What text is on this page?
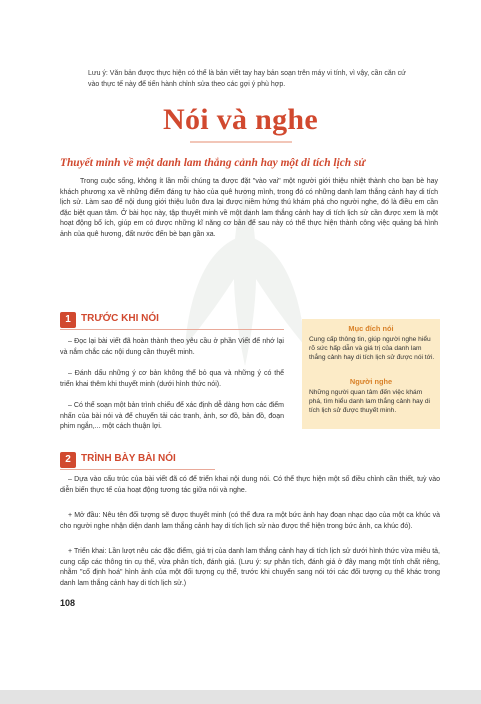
Lưu ý: Văn bản được thực hiện có thể là bản viết tay hay bản soạn trên máy vi tính, vì vậy, cần căn cứ vào thực tế này để tiến hành chỉnh sửa theo các gợi ý phù hợp.

Nói và nghe
Thuyết minh về một danh lam thắng cảnh hay một di tích lịch sử

Trong cuộc sống, không ít lần mỗi chúng ta được đặt "vào vai" một người giới thiệu nhiệt thành cho bạn bè hay khách phương xa về những điểm đáng tự hào của quê hương mình, trong đó có những danh lam thắng cảnh hay di tích lịch sử. Làm sao để nội dung giới thiệu luôn đưa lại được niềm hứng thú khám phá cho người nghe, đó là điều em cần đặc biệt quan tâm. Ở bài học này, tập thuyết minh về một danh lam thắng cảnh hay di tích lịch sử cần được xem là một hoạt động bổ ích, giúp em có được những kĩ năng cơ bản để sau này có thể thực hiện thành công việc quảng bá hình ảnh của quê hương, đất nước đến bè bạn gần xa.

1	TRƯỚC KHI NÓI

– Đọc lại bài viết đã hoàn thành theo yêu cầu ở phần Viết để nhớ lại và nắm chắc các nội dung cần thuyết minh.

– Đánh dấu những ý cơ bản không thể bỏ qua và những ý có thể triển khai thêm khi thuyết minh (dưới hình thức nói).

– Có thể soạn một bản trình chiếu để xác định dễ dàng hơn các điểm nhấn của bài nói và để chuyển tải các tranh, ảnh, sơ đồ, bản đồ, đoạn phim ngắn,... một cách thuận lợi.

Mục đích nói

Cung cấp thông tin, giúp người nghe hiểu rõ sức hấp dẫn và giá trị của danh lam thắng cảnh hay di tích lịch sử được nói tới.

Người nghe

Những người quan tâm đến việc khám phá, tìm hiểu danh lam thắng cảnh hay di tích lịch sử được thuyết minh.

2	TRÌNH BÀY BÀI NÓI

– Dựa vào cấu trúc của bài viết đã có để triển khai nội dung nói. Có thể thực hiện một số điều chỉnh cần thiết, tuỳ vào diễn biến thực tế của hoạt động tương tác giữa nói và nghe.

+ Mở đầu: Nêu tên đối tượng sẽ được thuyết minh (có thể đưa ra một bức ảnh hay đoạn nhạc dạo của một ca khúc và cho người nghe nhận diện danh lam thắng cảnh hay di tích lịch sử nào được thể hiện trong bức ảnh, ca khúc đó).

+ Triển khai: Lần lượt nêu các đặc điểm, giá trị của danh lam thắng cảnh hay di tích lịch sử dưới hình thức vừa miêu tả, cung cấp các thông tin cụ thể, vừa phân tích, đánh giá. (Lưu ý: sự phân tích, đánh giá ở đây mang một tính chất riêng, nhằm "cố định hoá" hình ảnh của một đối tượng cụ thể, trước khi chuyển sang nói tới các đối tượng cụ thể khác trong danh lam thắng cảnh hay di tích lịch sử.)

108
